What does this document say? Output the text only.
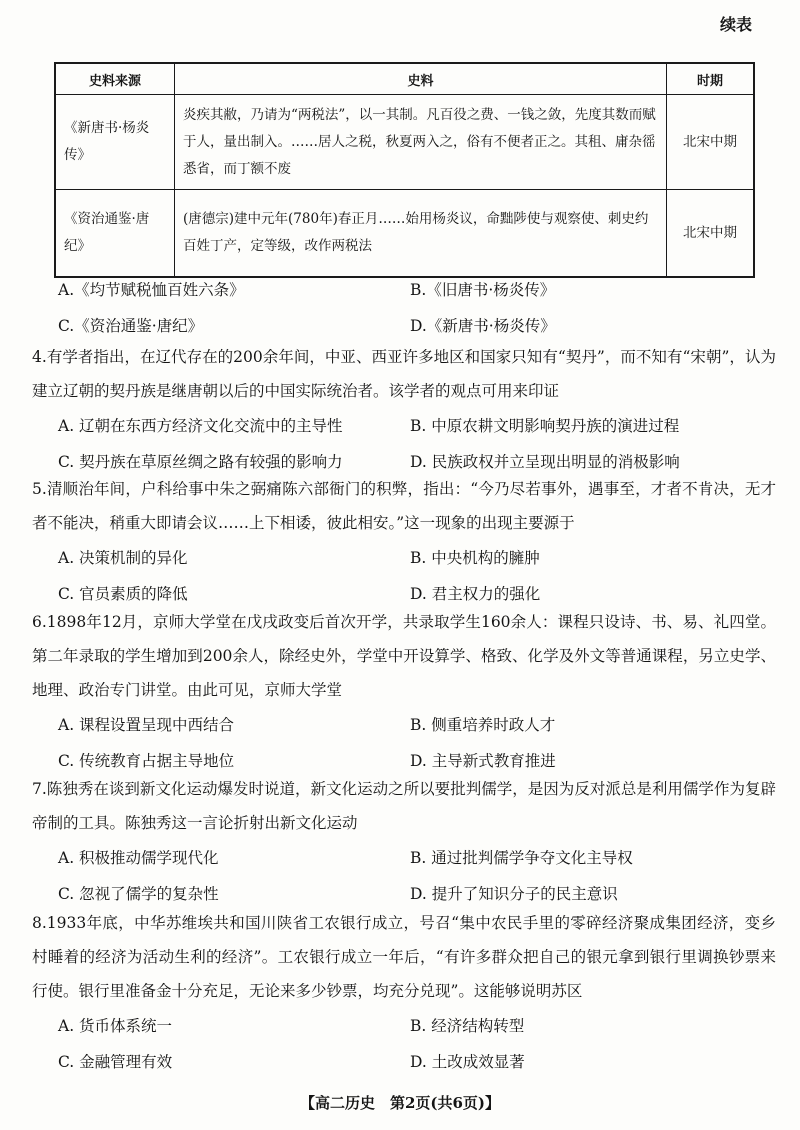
续表
史料来源	史料	时期
《新唐书·杨炎传》	炎疾其敝，乃请为“两税法”，以一其制。凡百役之费、一钱之敛，先度其数而赋于人，量出制入。……居人之税，秋夏两入之，俗有不便者正之。其租、庸杂徭悉省，而丁额不废	北宋中期
《资治通鉴·唐纪》	(唐德宗)建中元年(780年)春正月……始用杨炎议，命黜陟使与观察使、刺史约百姓丁产，定等级，改作两税法	北宋中期
A.《均节赋税恤百姓六条》	B.《旧唐书·杨炎传》
C.《资治通鉴·唐纪》	D.《新唐书·杨炎传》

4.有学者指出，在辽代存在的200余年间，中亚、西亚许多地区和国家只知有“契丹”，而不知有“宋朝”，认为建立辽朝的契丹族是继唐朝以后的中国实际统治者。该学者的观点可用来印证

A. 辽朝在东西方经济文化交流中的主导性	B. 中原农耕文明影响契丹族的演进过程
C. 契丹族在草原丝绸之路有较强的影响力	D. 民族政权并立呈现出明显的消极影响

5.清顺治年间，户科给事中朱之弼痛陈六部衙门的积弊，指出：“今乃尽若事外，遇事至，才者不肯决，无才者不能决，稍重大即请会议……上下相诿，彼此相安。”这一现象的出现主要源于

A. 决策机制的异化	B. 中央机构的臃肿
C. 官员素质的降低	D. 君主权力的强化

6.1898年12月，京师大学堂在戊戌政变后首次开学，共录取学生160余人：课程只设诗、书、易、礼四堂。第二年录取的学生增加到200余人，除经史外，学堂中开设算学、格致、化学及外文等普通课程，另立史学、地理、政治专门讲堂。由此可见，京师大学堂

A. 课程设置呈现中西结合	B. 侧重培养时政人才
C. 传统教育占据主导地位	D. 主导新式教育推进

7.陈独秀在谈到新文化运动爆发时说道，新文化运动之所以要批判儒学，是因为反对派总是利用儒学作为复辟帝制的工具。陈独秀这一言论折射出新文化运动

A. 积极推动儒学现代化	B. 通过批判儒学争夺文化主导权
C. 忽视了儒学的复杂性	D. 提升了知识分子的民主意识

8.1933年底，中华苏维埃共和国川陕省工农银行成立，号召“集中农民手里的零碎经济聚成集团经济，变乡村睡着的经济为活动生利的经济”。工农银行成立一年后，“有许多群众把自己的银元拿到银行里调换钞票来行使。银行里准备金十分充足，无论来多少钞票，均充分兑现”。这能够说明苏区

A. 货币体系统一	B. 经济结构转型
C. 金融管理有效	D. 土改成效显著
【高二历史　第2页(共6页)】
